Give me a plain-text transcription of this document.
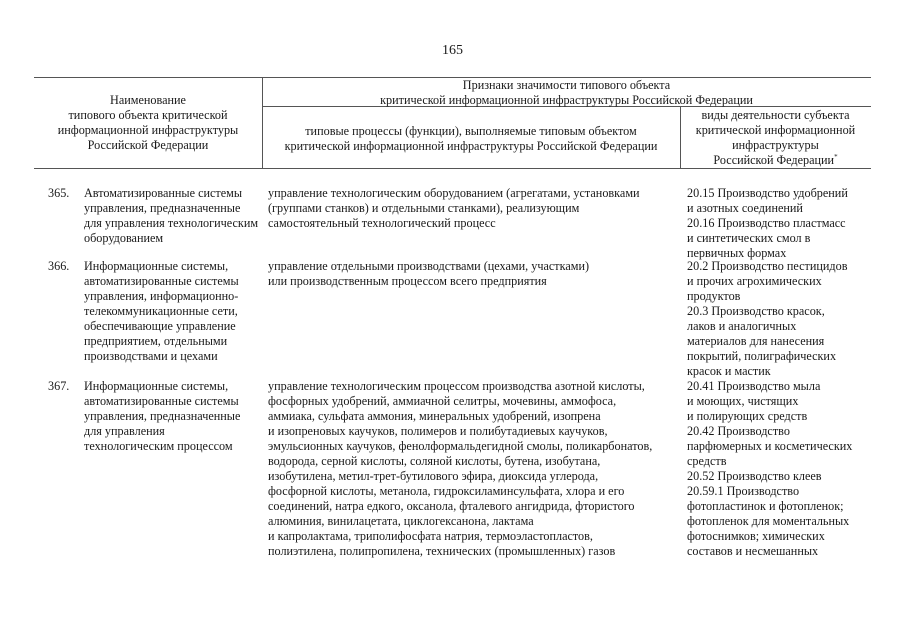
165
Наименование
типового объекта критической
информационной инфраструктуры
Российской Федерации
Признаки значимости типового объекта
критической информационной инфраструктуры Российской Федерации
типовые процессы (функции), выполняемые типовым объектом
критической информационной инфраструктуры Российской Федерации
виды деятельности субъекта
критической информационной
инфраструктуры
Российской Федерации*
365. Автоматизированные системы
управления, предназначенные
для управления технологическим
оборудованием
управление технологическим оборудованием (агрегатами, установками
(группами станков) и отдельными станками), реализующим
самостоятельный технологический процесс
20.15 Производство удобрений
и азотных соединений
20.16 Производство пластмасс
и синтетических смол в
первичных формах
366. Информационные системы,
автоматизированные системы
управления, информационно-
телекоммуникационные сети,
обеспечивающие управление
предприятием, отдельными
производствами и цехами
управление отдельными производствами (цехами, участками)
или производственным процессом всего предприятия
20.2 Производство пестицидов
и прочих агрохимических
продуктов
20.3 Производство красок,
лаков и аналогичных
материалов для нанесения
покрытий, полиграфических
красок и мастик
367. Информационные системы,
автоматизированные системы
управления, предназначенные
для управления
технологическим процессом
управление технологическим процессом производства азотной кислоты,
фосфорных удобрений, аммиачной селитры, мочевины, аммофоса,
аммиака, сульфата аммония, минеральных удобрений, изопрена
и изопреновых каучуков, полимеров и полибутадиевых каучуков,
эмульсионных каучуков, фенолформальдегидной смолы, поликарбонатов,
водорода, серной кислоты, соляной кислоты, бутена, изобутана,
изобутилена, метил-трет-бутилового эфира, диоксида углерода,
фосфорной кислоты, метанола, гидроксиламинсульфата, хлора и его
соединений, натра едкого, оксанола, фталевого ангидрида, фтористого
алюминия, винилацетата, циклогексанона, лактама
и капролактама, триполифосфата натрия, термоэластопластов,
полиэтилена, полипропилена, технических (промышленных) газов
20.41 Производство мыла
и моющих, чистящих
и полирующих средств
20.42 Производство
парфюмерных и косметических
средств
20.52 Производство клеев
20.59.1 Производство
фотопластинок и фотопленок;
фотопленок для моментальных
фотоснимков; химических
составов и несмешанных
